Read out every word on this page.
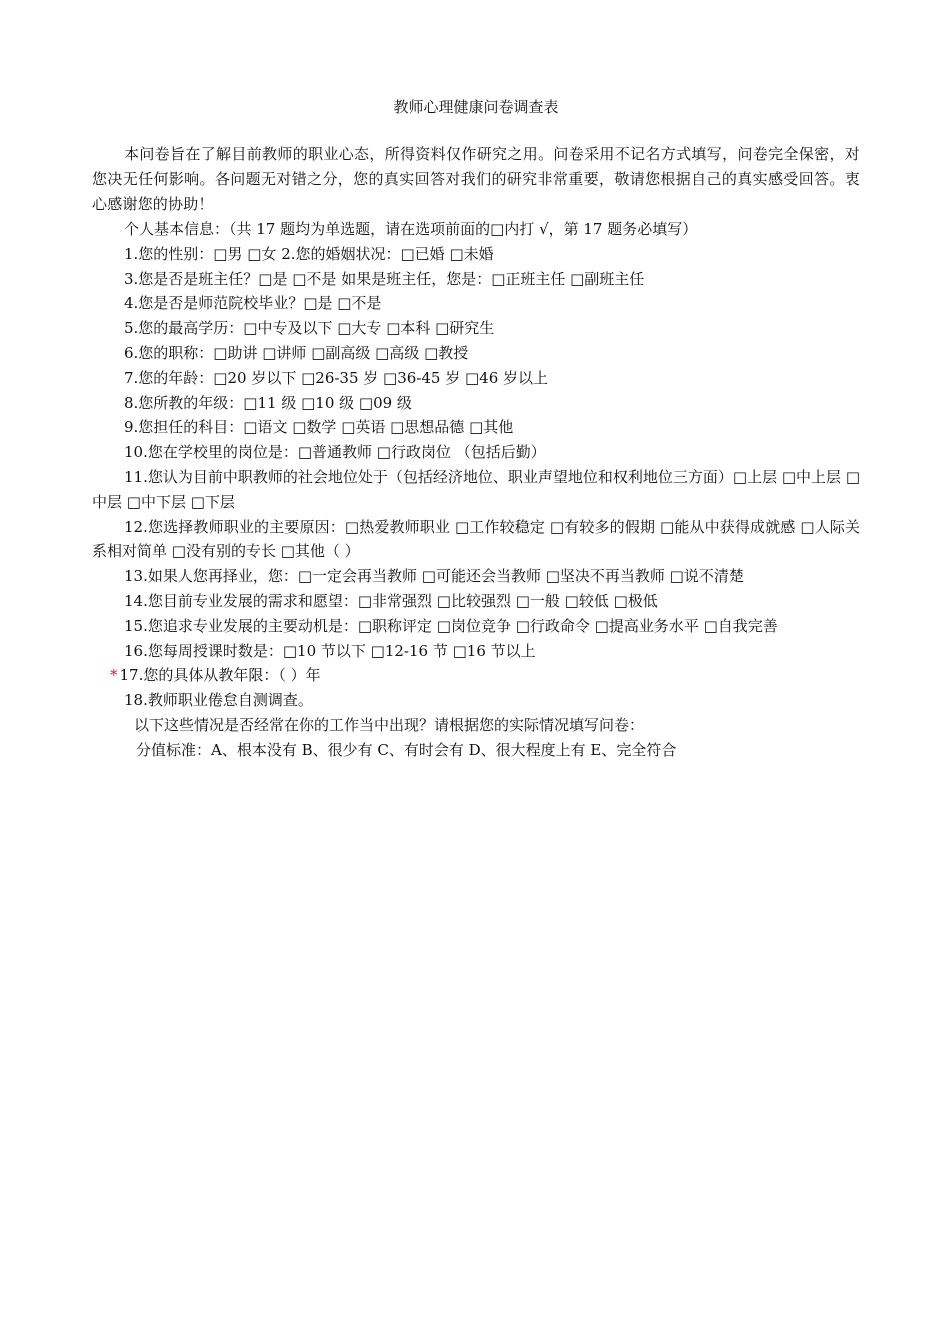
教师心理健康问卷调查表

本问卷旨在了解目前教师的职业心态，所得资料仅作研究之用。问卷采用不记名方式填写，问卷完全保密，对您决无任何影响。各问题无对错之分，您的真实回答对我们的研究非常重要，敬请您根据自己的真实感受回答。衷心感谢您的协助！

个人基本信息：（共 17 题均为单选题，请在选项前面的□内打 √，第 17 题务必填写）

1.您的性别：□男 □女 2.您的婚姻状况：□已婚 □未婚

3.您是否是班主任？□是 □不是 如果是班主任，您是：□正班主任 □副班主任

4.您是否是师范院校毕业？□是 □不是

5.您的最高学历：□中专及以下 □大专 □本科 □研究生

6.您的职称：□助讲 □讲师 □副高级 □高级 □教授

7.您的年龄：□20 岁以下 □26-35 岁 □36-45 岁 □46 岁以上

8.您所教的年级：□11 级 □10 级 □09 级

9.您担任的科目：□语文 □数学 □英语 □思想品德 □其他

10.您在学校里的岗位是：□普通教师 □行政岗位 （包括后勤）

11.您认为目前中职教师的社会地位处于（包括经济地位、职业声望地位和权利地位三方面）□上层 □中上层 □中层 □中下层 □下层

12.您选择教师职业的主要原因：□热爱教师职业 □工作较稳定 □有较多的假期 □能从中获得成就感 □人际关系相对简单 □没有别的专长 □其他（ ）

13.如果人您再择业，您：□一定会再当教师 □可能还会当教师 □坚决不再当教师 □说不清楚

14.您目前专业发展的需求和愿望：□非常强烈 □比较强烈 □一般 □较低 □极低

15.您追求专业发展的主要动机是：□职称评定 □岗位竞争 □行政命令 □提高业务水平 □自我完善

16.您每周授课时数是：□10 节以下 □12-16 节 □16 节以上

* 17.您的具体从教年限：（ ）年

18.教师职业倦怠自测调查。

以下这些情况是否经常在你的工作当中出现？请根据您的实际情况填写问卷：

分值标准：A、根本没有 B、很少有 C、有时会有 D、很大程度上有 E、完全符合
